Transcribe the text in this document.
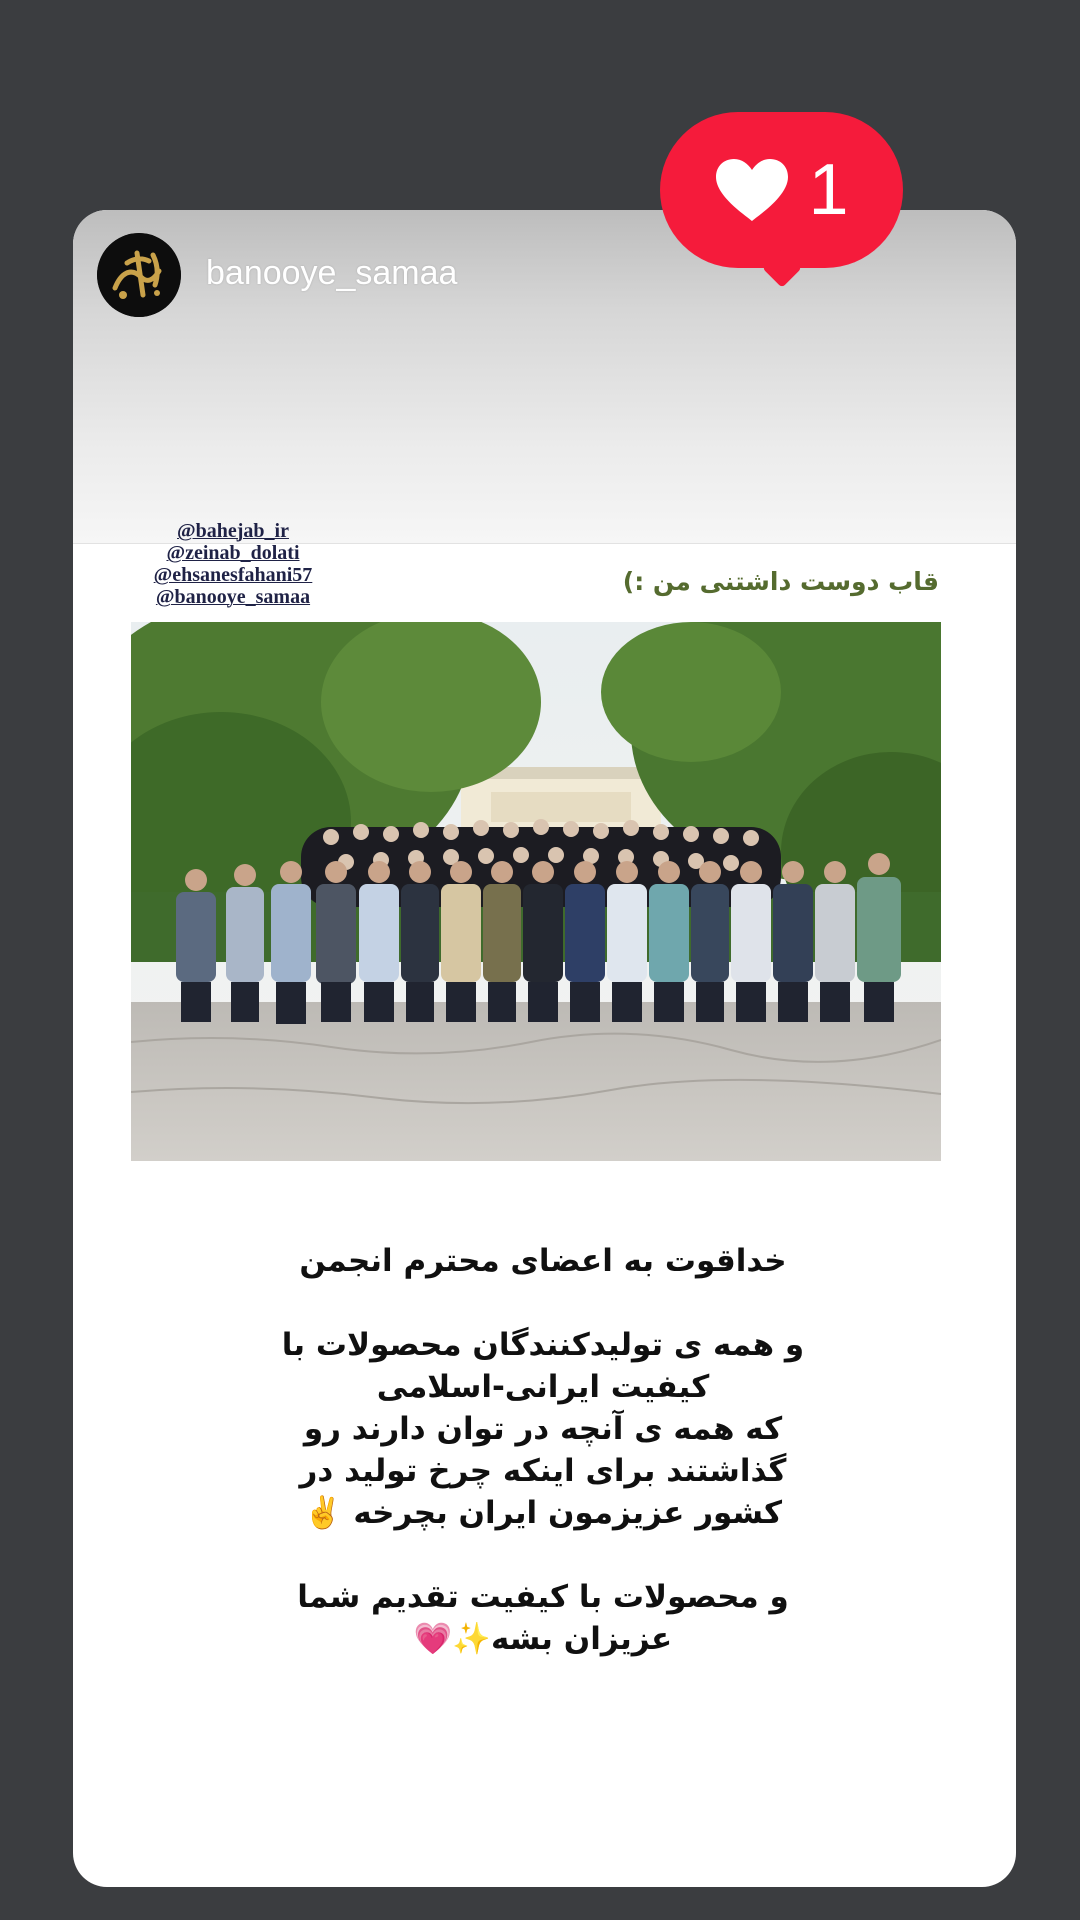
banooye_samaa
@bahejab_ir
@zeinab_dolati
@ehsanesfahani57
@banooye_samaa
قاب دوست داشتنی من :)
خداقوت به اعضای محترم انجمن
و همه ی تولیدکنندگان محصولات با
کیفیت ایرانی-اسلامی
که همه ی آنچه در توان دارند رو
گذاشتند برای اینکه چرخ تولید در
کشور عزیزمون ایران بچرخه ✌️
و محصولات با کیفیت تقدیم شما
عزیزان بشه✨💗
1
